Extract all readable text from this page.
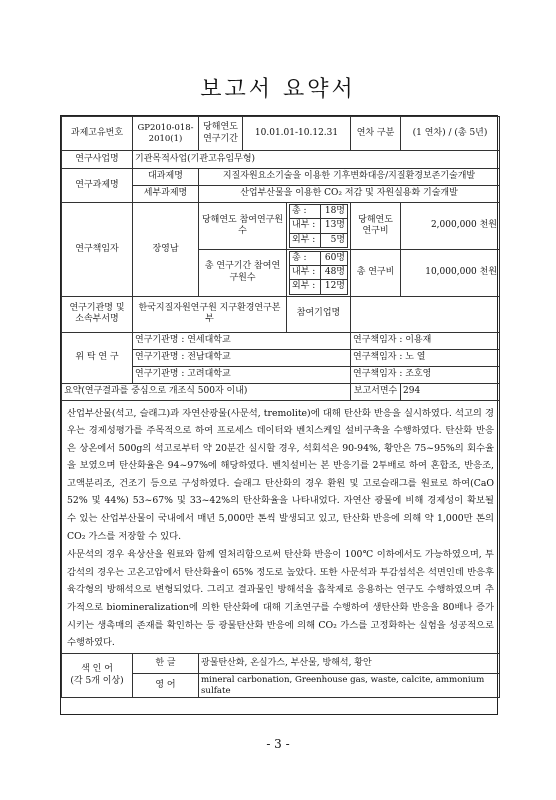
보고서 요약서
과제고유번호	GP2010-018-2010(1)	당해연도 연구기간	10.01.01-10.12.31	연차 구분	(1 연차) / (총 5년)
연구사업명	기관목적사업(기관고유임무형)
연구과제명	대과제명	지질자원요소기술을 이용한 기후변화대응/지질환경보존기술개발
세부과제명	산업부산물을 이용한 CO₂ 저감 및 자원실용화 기술개발
연구책임자	장영남	당해연도 참여연구원수	
총 :	18명
내부 :	13명
외부 :	5명
	당해연도 연구비	2,000,000 천원
총 연구기간 참여연구원수	
총 :	60명
내부 :	48명
외부 :	12명
	총 연구비	10,000,000 천원
연구기관명 및 소속부서명	한국지질자원연구원 지구환경연구본부	참여기업명	
위 탁 연 구	연구기관명 : 연세대학교	연구책임자 : 이용재
연구기관명 : 전남대학교	연구책임자 : 노 열
연구기관명 : 고려대학교	연구책임자 : 조호영
요약(연구결과를 중심으로 개조식 500자 이내)	보고서면수	294

산업부산물(석고, 슬래그)과 자연산광물(사문석, tremolite)에 대해 탄산화 반응을 실시하였다. 석고의 경우는 경제성평가를 주목적으로 하여 프로세스 데이터와 벤치스케일 설비구축을 수행하였다. 탄산화 반응은 상온에서 500g의 석고로부터 약 20분간 실시할 경우, 석회석은 90-94%, 황안은 75~95%의 회수율을 보였으며 탄산화율은 94~97%에 해당하였다. 벤치설비는 본 반응기를 2투배로 하여 혼합조, 반응조, 고액분리조, 건조기 등으로 구성하였다. 슬래그 탄산화의 경우 환원 및 고로슬래그를 원료로 하여(CaO 52% 및 44%) 53~67% 및 33~42%의 탄산화율을 나타내었다. 자연산 광물에 비해 경제성이 확보될 수 있는 산업부산물이 국내에서 매년 5,000만 톤씩 발생되고 있고, 탄산화 반응에 의해 약 1,000만 톤의 CO₂ 가스를 저장할 수 있다.

사문석의 경우 육상산을 원료와 함께 열처리함으로써 탄산화 반응이 100℃ 이하에서도 가능하였으며, 투감석의 경우는 고온고압에서 탄산화율이 65% 정도로 높았다. 또한 사문석과 투감섬석은 석면인데 반응후 육각형의 방해석으로 변형되었다. 그리고 결과물인 방해석을 흡착제로 응용하는 연구도 수행하였으며 추가적으로 biomineralization에 의한 탄산화에 대해 기초연구를 수행하여 생탄산화 반응을 80배나 증가시키는 생촉매의 존재를 확인하는 등 광물탄산화 반응에 의해 CO₂ 가스를 고정화하는 실험을 성공적으로 수행하였다.

색 인 어
(각 5개 이상)
	한 글	광물탄산화, 온실가스, 부산물, 방해석, 황안
영 어	mineral carbonation, Greenhouse gas, waste, calcite, ammonium sulfate
- 3 -
